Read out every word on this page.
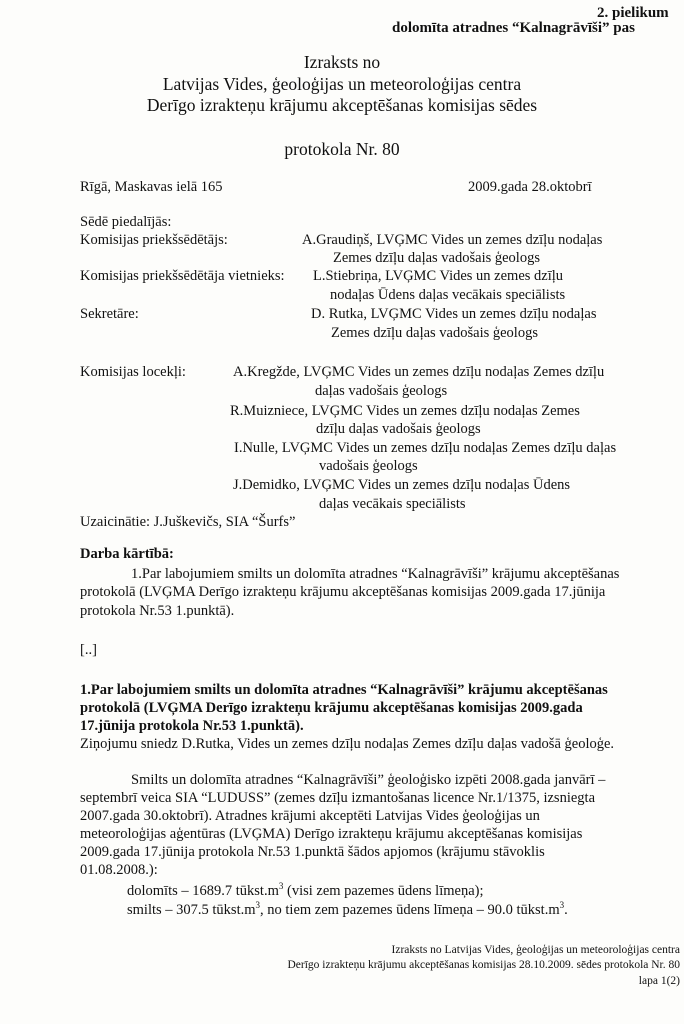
2. pielikum
dolomīta atradnes “Kalnagrāvīši” pas
Izraksts no
Latvijas Vides, ģeoloģijas un meteoroloģijas centra
Derīgo izrakteņu krājumu akceptēšanas komisijas sēdes
protokola Nr. 80
Rīgā, Maskavas ielā 165	2009.gada 28.oktobrī
Sēdē piedalījās:
Komisijas priekšsēdētājs:	A.Graudiņš, LVĢMC Vides un zemes dzīļu nodaļas
Zemes dzīļu daļas vadošais ģeologs
Komisijas priekšsēdētāja vietnieks: L.Stiebriņa, LVĢMC Vides un zemes dzīļu
nodaļas Ūdens daļas vecākais speciālists
Sekretāre:	D. Rutka, LVĢMC Vides un zemes dzīļu nodaļas
Zemes dzīļu daļas vadošais ģeologs
Komisijas locekļi:	A.Kregžde, LVĢMC Vides un zemes dzīļu nodaļas Zemes dzīļu
daļas vadošais ģeologs
R.Muizniece, LVĢMC Vides un zemes dzīļu nodaļas Zemes
dzīļu daļas vadošais ģeologs
I.Nulle, LVĢMC Vides un zemes dzīļu nodaļas Zemes dzīļu daļas
vadošais ģeologs
J.Demidko, LVĢMC Vides un zemes dzīļu nodaļas Ūdens
daļas vecākais speciālists
Uzaicinātie: J.Juškevičs, SIA “Šurfs”
Darba kārtībā:
1.Par labojumiem smilts un dolomīta atradnes “Kalnagrāvīši” krājumu akceptēšanas
protokolā (LVĢMA Derīgo izrakteņu krājumu akceptēšanas komisijas 2009.gada 17.jūnija
protokola Nr.53 1.punktā).
[..]
1.Par labojumiem smilts un dolomīta atradnes “Kalnagrāvīši” krājumu akceptēšanas
protokolā (LVĢMA Derīgo izrakteņu krājumu akceptēšanas komisijas 2009.gada
17.jūnija protokola Nr.53 1.punktā).
Ziņojumu sniedz D.Rutka, Vides un zemes dzīļu nodaļas Zemes dzīļu daļas vadošā ģeoloģe.
Smilts un dolomīta atradnes “Kalnagrāvīši” ģeoloģisko izpēti 2008.gada janvārī –
septembrī veica SIA “LUDUSS” (zemes dzīļu izmantošanas licence Nr.1/1375, izsniegta
2007.gada 30.oktobrī). Atradnes krājumi akceptēti Latvijas Vides ģeoloģijas un
meteoroloģijas aģentūras (LVĢMA) Derīgo izrakteņu krājumu akceptēšanas komisijas
2009.gada 17.jūnija protokola Nr.53 1.punktā šādos apjomos (krājumu stāvoklis
01.08.2008.):
dolomīts – 1689.7 $tūkst.m^3$ (visi zem pazemes ūdens līmeņa);
smilts – 307.5 $tūkst.m^3$, no tiem zem pazemes ūdens līmeņa – 90.0 $tūkst.m^3$.
Izraksts no Latvijas Vides, ģeoloģijas un meteoroloģijas centra
Derīgo izrakteņu krājumu akceptēšanas komisijas 28.10.2009. sēdes protokola Nr. 80
lapa 1(2)
